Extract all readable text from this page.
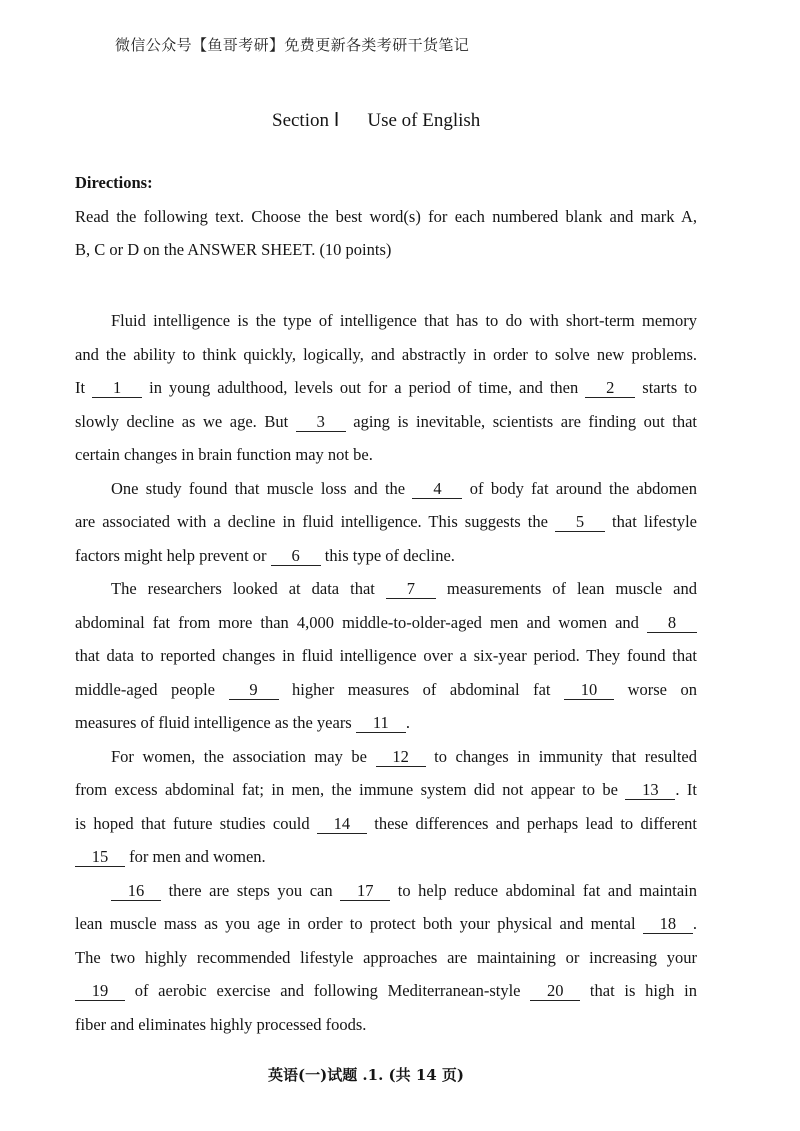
微信公众号【鱼哥考研】免费更新各类考研干货笔记
Section Ⅰ Use of English
Directions:
Read the following text. Choose the best word(s) for each numbered blank and mark A,
B, C or D on the ANSWER SHEET. (10 points)
Fluid intelligence is the type of intelligence that has to do with short-term memory
and the ability to think quickly, logically, and abstractly in order to solve new problems.
It 1 in young adulthood, levels out for a period of time, and then 2 starts to
slowly decline as we age. But 3 aging is inevitable, scientists are finding out that
certain changes in brain function may not be.
One study found that muscle loss and the 4 of body fat around the abdomen
are associated with a decline in fluid intelligence. This suggests the 5 that lifestyle
factors might help prevent or 6 this type of decline.
The researchers looked at data that 7 measurements of lean muscle and
abdominal fat from more than 4,000 middle-to-older-aged men and women and 8
that data to reported changes in fluid intelligence over a six-year period. They found that
middle-aged people 9 higher measures of abdominal fat 10 worse on
measures of fluid intelligence as the years 11 .
For women, the association may be 12 to changes in immunity that resulted
from excess abdominal fat; in men, the immune system did not appear to be 13 . It
is hoped that future studies could 14 these differences and perhaps lead to different
15 for men and women.
16 there are steps you can 17 to help reduce abdominal fat and maintain
lean muscle mass as you age in order to protect both your physical and mental 18 .
The two highly recommended lifestyle approaches are maintaining or increasing your
19 of aerobic exercise and following Mediterranean-style 20 that is high in
fiber and eliminates highly processed foods.
英语(一)试题 .1. (共 14 页)
